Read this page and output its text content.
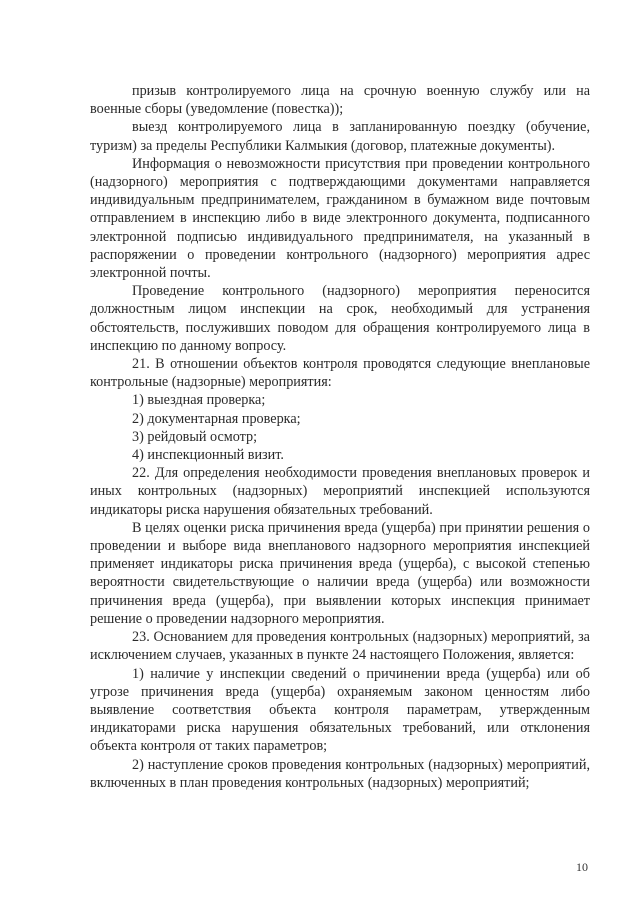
призыв контролируемого лица на срочную военную службу или на военные сборы (уведомление (повестка));

выезд контролируемого лица в запланированную поездку (обучение, туризм) за пределы Республики Калмыкия (договор, платежные документы).

Информация о невозможности присутствия при проведении контрольного (надзорного) мероприятия с подтверждающими документами направляется индивидуальным предпринимателем, гражданином в бумажном виде почтовым отправлением в инспекцию либо в виде электронного документа, подписанного электронной подписью индивидуального предпринимателя, на указанный в распоряжении о проведении контрольного (надзорного) мероприятия адрес электронной почты.

Проведение контрольного (надзорного) мероприятия переносится должностным лицом инспекции на срок, необходимый для устранения обстоятельств, послуживших поводом для обращения контролируемого лица в инспекцию по данному вопросу.

21. В отношении объектов контроля проводятся следующие внеплановые контрольные (надзорные) мероприятия:

1) выездная проверка;

2) документарная проверка;

3) рейдовый осмотр;

4) инспекционный визит.

22. Для определения необходимости проведения внеплановых проверок и иных контрольных (надзорных) мероприятий инспекцией используются индикаторы риска нарушения обязательных требований.

В целях оценки риска причинения вреда (ущерба) при принятии решения о проведении и выборе вида внепланового надзорного мероприятия инспекцией применяет индикаторы риска причинения вреда (ущерба), с высокой степенью вероятности свидетельствующие о наличии вреда (ущерба) или возможности причинения вреда (ущерба), при выявлении которых инспекция принимает решение о проведении надзорного мероприятия.

23. Основанием для проведения контрольных (надзорных) мероприятий, за исключением случаев, указанных в пункте 24 настоящего Положения, является:

1) наличие у инспекции сведений о причинении вреда (ущерба) или об угрозе причинения вреда (ущерба) охраняемым законом ценностям либо выявление соответствия объекта контроля параметрам, утвержденным индикаторами риска нарушения обязательных требований, или отклонения объекта контроля от таких параметров;

2) наступление сроков проведения контрольных (надзорных) мероприятий, включенных в план проведения контрольных (надзорных) мероприятий;

10
